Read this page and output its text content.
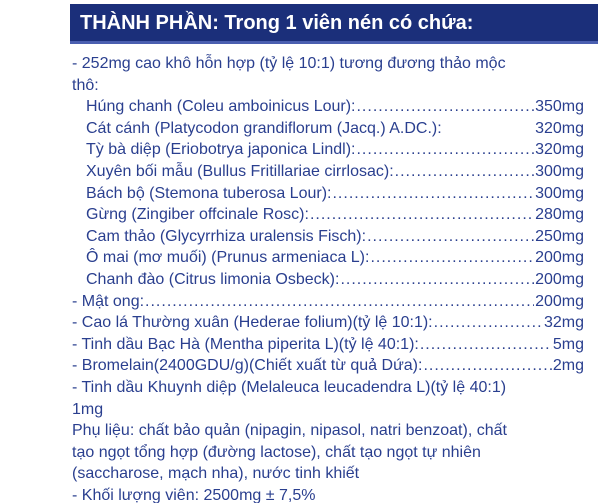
THÀNH PHẦN: Trong 1 viên nén có chứa:
- 252mg cao khô hỗn hợp (tỷ lệ 10:1) tương đương thảo mộc
thô:
Húng chanh (Coleu amboinicus Lour): .....	350mg
Cát cánh (Platycodon grandiflorum (Jacq.) A.DC.):	320mg
Tỳ bà diệp (Eriobotrya japonica Lindl): .....	320mg
Xuyên bối mẫu (Bullus Fritillariae cirrlosac): .....	300mg
Bách bộ (Stemona tuberosa Lour): .....	300mg
Gừng (Zingiber offcinale Rosc): .....	280mg
Cam thảo (Glycyrrhiza uralensis Fisch): .....	250mg
Ô mai (mơ muối) (Prunus armeniaca L): .....	200mg
Chanh đào (Citrus limonia Osbeck): .....	200mg
- Mật ong: .....	200mg
- Cao lá Thường xuân (Hederae folium)(tỷ lệ 10:1): .....	32mg
- Tinh dầu Bạc Hà (Mentha piperita L)(tỷ lệ 40:1): .....	5mg
- Bromelain(2400GDU/g)(Chiết xuất từ quả Dứa): .....	2mg
- Tinh dầu Khuynh diệp (Melaleuca leucadendra L)(tỷ lệ 40:1)
1mg
Phụ liệu: chất bảo quản (nipagin, nipasol, natri benzoat), chất
tạo ngọt tổng hợp (đường lactose), chất tạo ngọt tự nhiên
(saccharose, mạch nha), nước tinh khiết
- Khối lượng viên: 2500mg ± 7,5%
